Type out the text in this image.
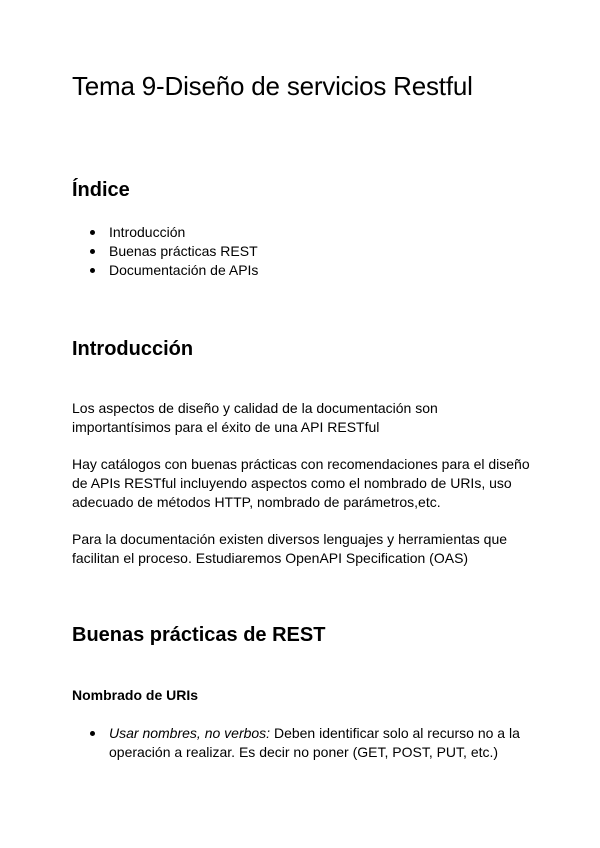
Tema 9-Diseño de servicios Restful
Índice
Introducción
Buenas prácticas REST
Documentación de APIs
Introducción

Los aspectos de diseño y calidad de la documentación son importantísimos para el éxito de una API RESTful

Hay catálogos con buenas prácticas con recomendaciones para el diseño de APIs RESTful incluyendo aspectos como el nombrado de URIs, uso adecuado de métodos HTTP, nombrado de parámetros,etc.

Para la documentación existen diversos lenguajes y herramientas que facilitan el proceso. Estudiaremos OpenAPI Specification (OAS)

Buenas prácticas de REST
Nombrado de URIs
Usar nombres, no verbos: Deben identificar solo al recurso no a la operación a realizar. Es decir no poner (GET, POST, PUT, etc.)
